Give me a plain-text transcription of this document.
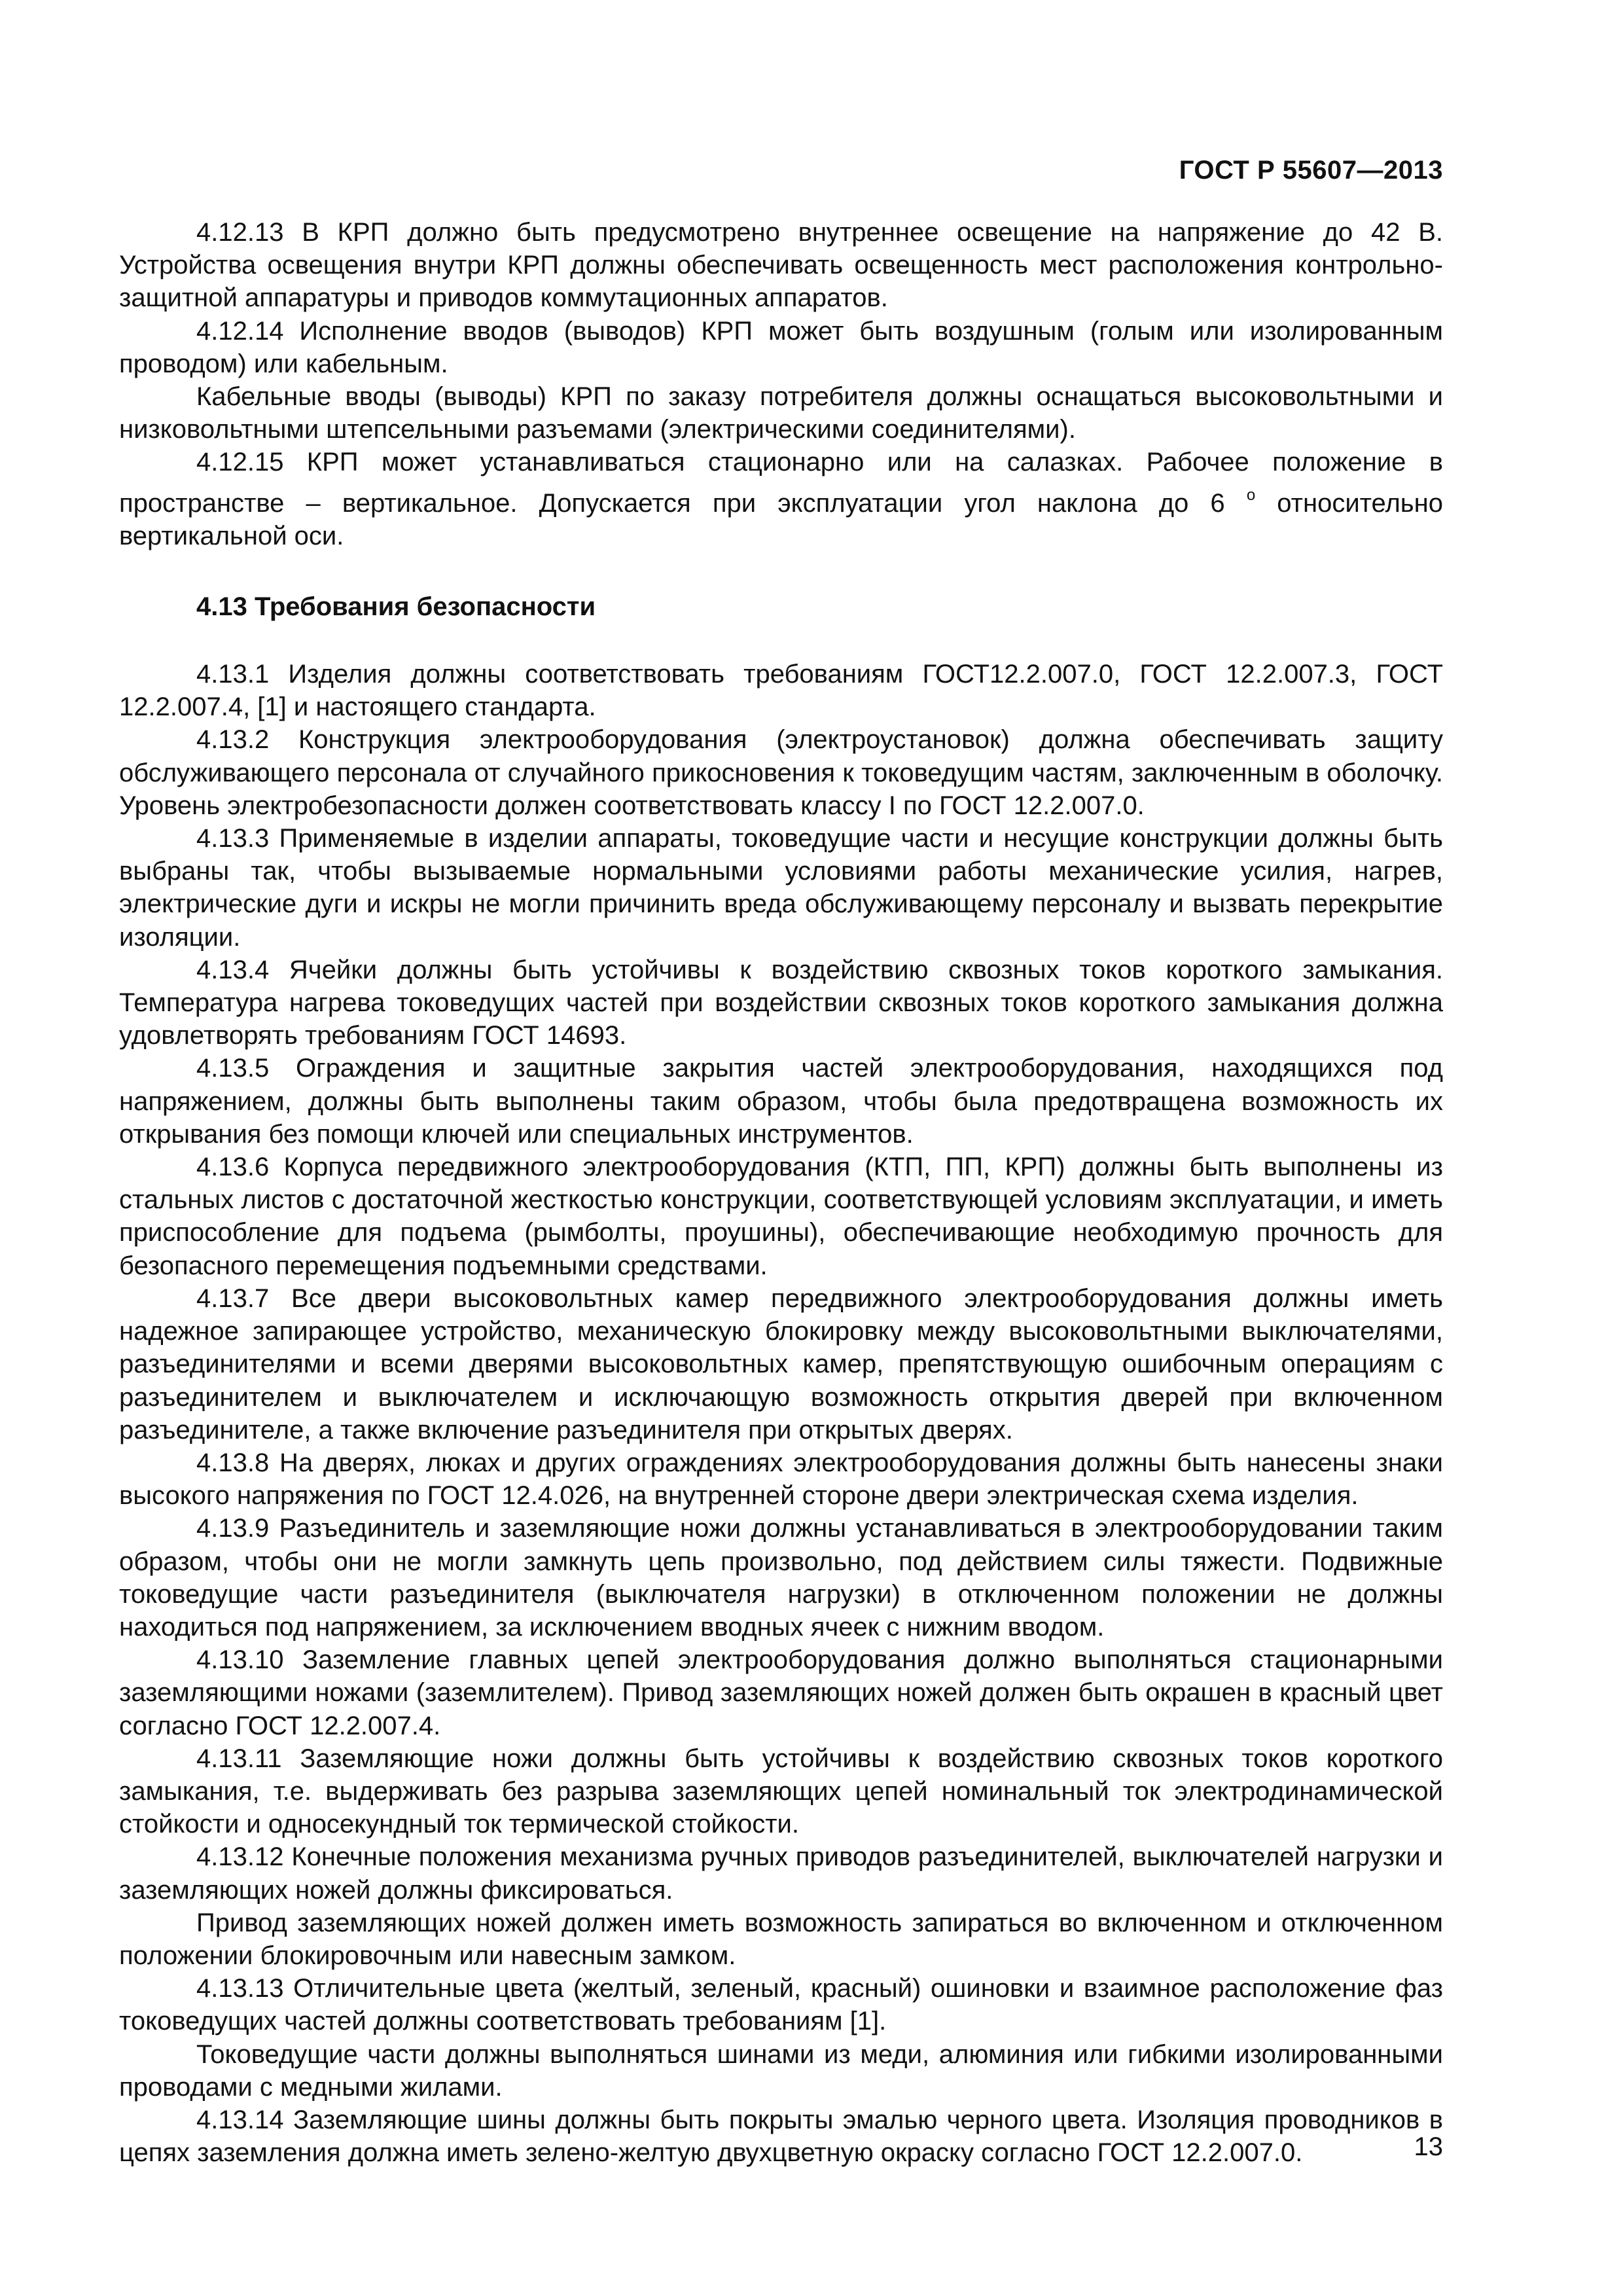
ГОСТ Р 55607—2013

4.12.13 В КРП должно быть предусмотрено внутреннее освещение на напряжение до 42 В. Устройства освещения внутри КРП должны обеспечивать освещенность мест расположения контрольно-защитной аппаратуры и приводов коммутационных аппаратов.

4.12.14 Исполнение вводов (выводов) КРП может быть воздушным (голым или изолированным проводом) или кабельным.

Кабельные вводы (выводы) КРП по заказу потребителя должны оснащаться высоковольтными и низковольтными штепсельными разъемами (электрическими соединителями).

4.12.15 КРП может устанавливаться стационарно или на салазках. Рабочее положение в пространстве – вертикальное. Допускается при эксплуатации угол наклона до 6 $^о$ относительно вертикальной оси.

4.13 Требования безопасности

4.13.1 Изделия должны соответствовать требованиям ГОСТ12.2.007.0, ГОСТ 12.2.007.3, ГОСТ 12.2.007.4, [1] и настоящего стандарта.

4.13.2 Конструкция электрооборудования (электроустановок) должна обеспечивать защиту обслуживающего персонала от случайного прикосновения к токоведущим частям, заключенным в оболочку. Уровень электробезопасности должен соответствовать классу I по ГОСТ 12.2.007.0.

4.13.3 Применяемые в изделии аппараты, токоведущие части и несущие конструкции должны быть выбраны так, чтобы вызываемые нормальными условиями работы механические усилия, нагрев, электрические дуги и искры не могли причинить вреда обслуживающему персоналу и вызвать перекрытие изоляции.

4.13.4 Ячейки должны быть устойчивы к воздействию сквозных токов короткого замыкания. Температура нагрева токоведущих частей при воздействии сквозных токов короткого замыкания должна удовлетворять требованиям ГОСТ 14693.

4.13.5 Ограждения и защитные закрытия частей электрооборудования, находящихся под напряжением, должны быть выполнены таким образом, чтобы была предотвращена возможность их открывания без помощи ключей или специальных инструментов.

4.13.6 Корпуса передвижного электрооборудования (КТП, ПП, КРП) должны быть выполнены из стальных листов с достаточной жесткостью конструкции, соответствующей условиям эксплуатации, и иметь приспособление для подъема (рымболты, проушины), обеспечивающие необходимую прочность для безопасного перемещения подъемными средствами.

4.13.7 Все двери высоковольтных камер передвижного электрооборудования должны иметь надежное запирающее устройство, механическую блокировку между высоковольтными выключателями, разъединителями и всеми дверями высоковольтных камер, препятствующую ошибочным операциям с разъединителем и выключателем и исключающую возможность открытия дверей при включенном разъединителе, а также включение разъединителя при открытых дверях.

4.13.8 На дверях, люках и других ограждениях электрооборудования должны быть нанесены знаки высокого напряжения по ГОСТ 12.4.026, на внутренней стороне двери электрическая схема изделия.

4.13.9 Разъединитель и заземляющие ножи должны устанавливаться в электрооборудовании таким образом, чтобы они не могли замкнуть цепь произвольно, под действием силы тяжести. Подвижные токоведущие части разъединителя (выключателя нагрузки) в отключенном положении не должны находиться под напряжением, за исключением вводных ячеек с нижним вводом.

4.13.10 Заземление главных цепей электрооборудования должно выполняться стационарными заземляющими ножами (заземлителем). Привод заземляющих ножей должен быть окрашен в красный цвет согласно ГОСТ 12.2.007.4.

4.13.11 Заземляющие ножи должны быть устойчивы к воздействию сквозных токов короткого замыкания, т.е. выдерживать без разрыва заземляющих цепей номинальный ток электродинамической стойкости и односекундный ток термической стойкости.

4.13.12 Конечные положения механизма ручных приводов разъединителей, выключателей нагрузки и заземляющих ножей должны фиксироваться.

Привод заземляющих ножей должен иметь возможность запираться во включенном и отключенном положении блокировочным или навесным замком.

4.13.13 Отличительные цвета (желтый, зеленый, красный) ошиновки и взаимное расположение фаз токоведущих частей должны соответствовать требованиям [1].

Токоведущие части должны выполняться шинами из меди, алюминия или гибкими изолированными проводами с медными жилами.

4.13.14 Заземляющие шины должны быть покрыты эмалью черного цвета. Изоляция проводников в цепях заземления должна иметь зелено-желтую двухцветную окраску согласно ГОСТ 12.2.007.0.	13
